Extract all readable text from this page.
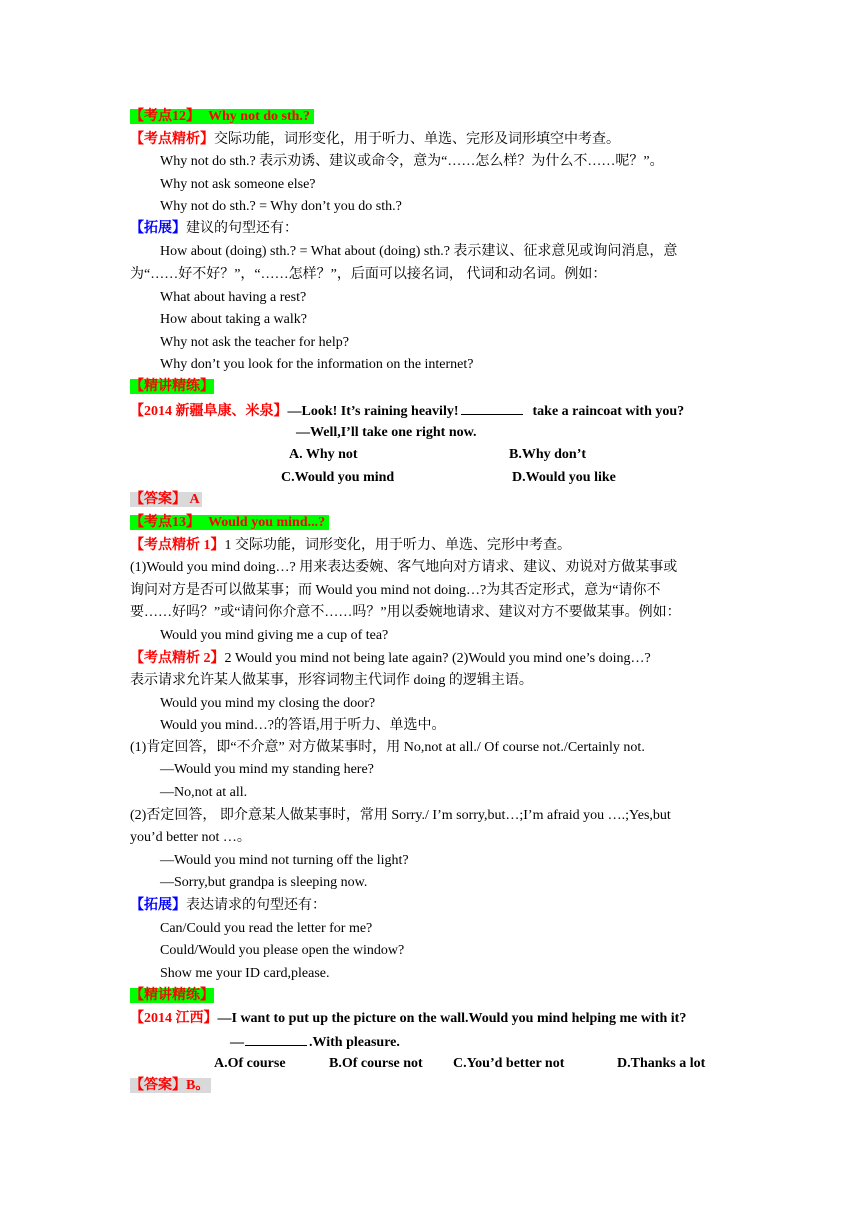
【考点12】 Why not do sth.?
【考点精析】交际功能，词形变化，用于听力、单选、完形及词形填空中考查。
Why not do sth.? 表示劝诱、建议或命令，意为“……怎么样？为什么不……呢？”。
Why not ask someone else?
Why not do sth.? = Why don’t you do sth.?
【拓展】建议的句型还有：
How about (doing) sth.? = What about (doing) sth.? 表示建议、征求意见或询问消息，意
为“……好不好？”，“……怎样？”，后面可以接名词， 代词和动名词。例如：
What about having a rest?
How about taking a walk?
Why not ask the teacher for help?
Why don’t you look for the information on the internet?
【精讲精练】
【2014 新疆阜康、米泉】—Look! It’s raining heavily!	take a raincoat with you?
—Well,I’ll take one right now.
A. Why not	B.Why don’t
C.Would you mind	D.Would you like
【答案】 A
【考点13】 Would you mind...?
【考点精析 1】1 交际功能，词形变化，用于听力、单选、完形中考查。
(1)Would you mind doing…? 用来表达委婉、客气地向对方请求、建议、劝说对方做某事或
询问对方是否可以做某事；而 Would you mind not doing…?为其否定形式，意为“请你不
要……好吗？”或“请问你介意不……吗？”用以委婉地请求、建议对方不要做某事。例如：
Would you mind giving me a cup of tea?
【考点精析 2】2 Would you mind not being late again? (2)Would you mind one’s doing…?
表示请求允许某人做某事，形容词物主代词作 doing 的逻辑主语。
Would you mind my closing the door?
Would you mind…?的答语,用于听力、单选中。
(1)肯定回答，即“不介意” 对方做某事时，用 No,not at all./ Of course not./Certainly not.
—Would you mind my standing here?
—No,not at all.
(2)否定回答， 即介意某人做某事时，常用 Sorry./ I’m sorry,but…;I’m afraid you ….;Yes,but
you’d better not …。
—Would you mind not turning off the light?
—Sorry,but grandpa is sleeping now.
【拓展】表达请求的句型还有：
Can/Could you read the letter for me?
Could/Would you please open the window?
Show me your ID card,please.
【精讲精练】
【2014 江西】—I want to put up the picture on the wall.Would you mind helping me with it?
—	.With pleasure.
A.Of course	B.Of course not C.You’d better not	D.Thanks a lot
【答案】B。
